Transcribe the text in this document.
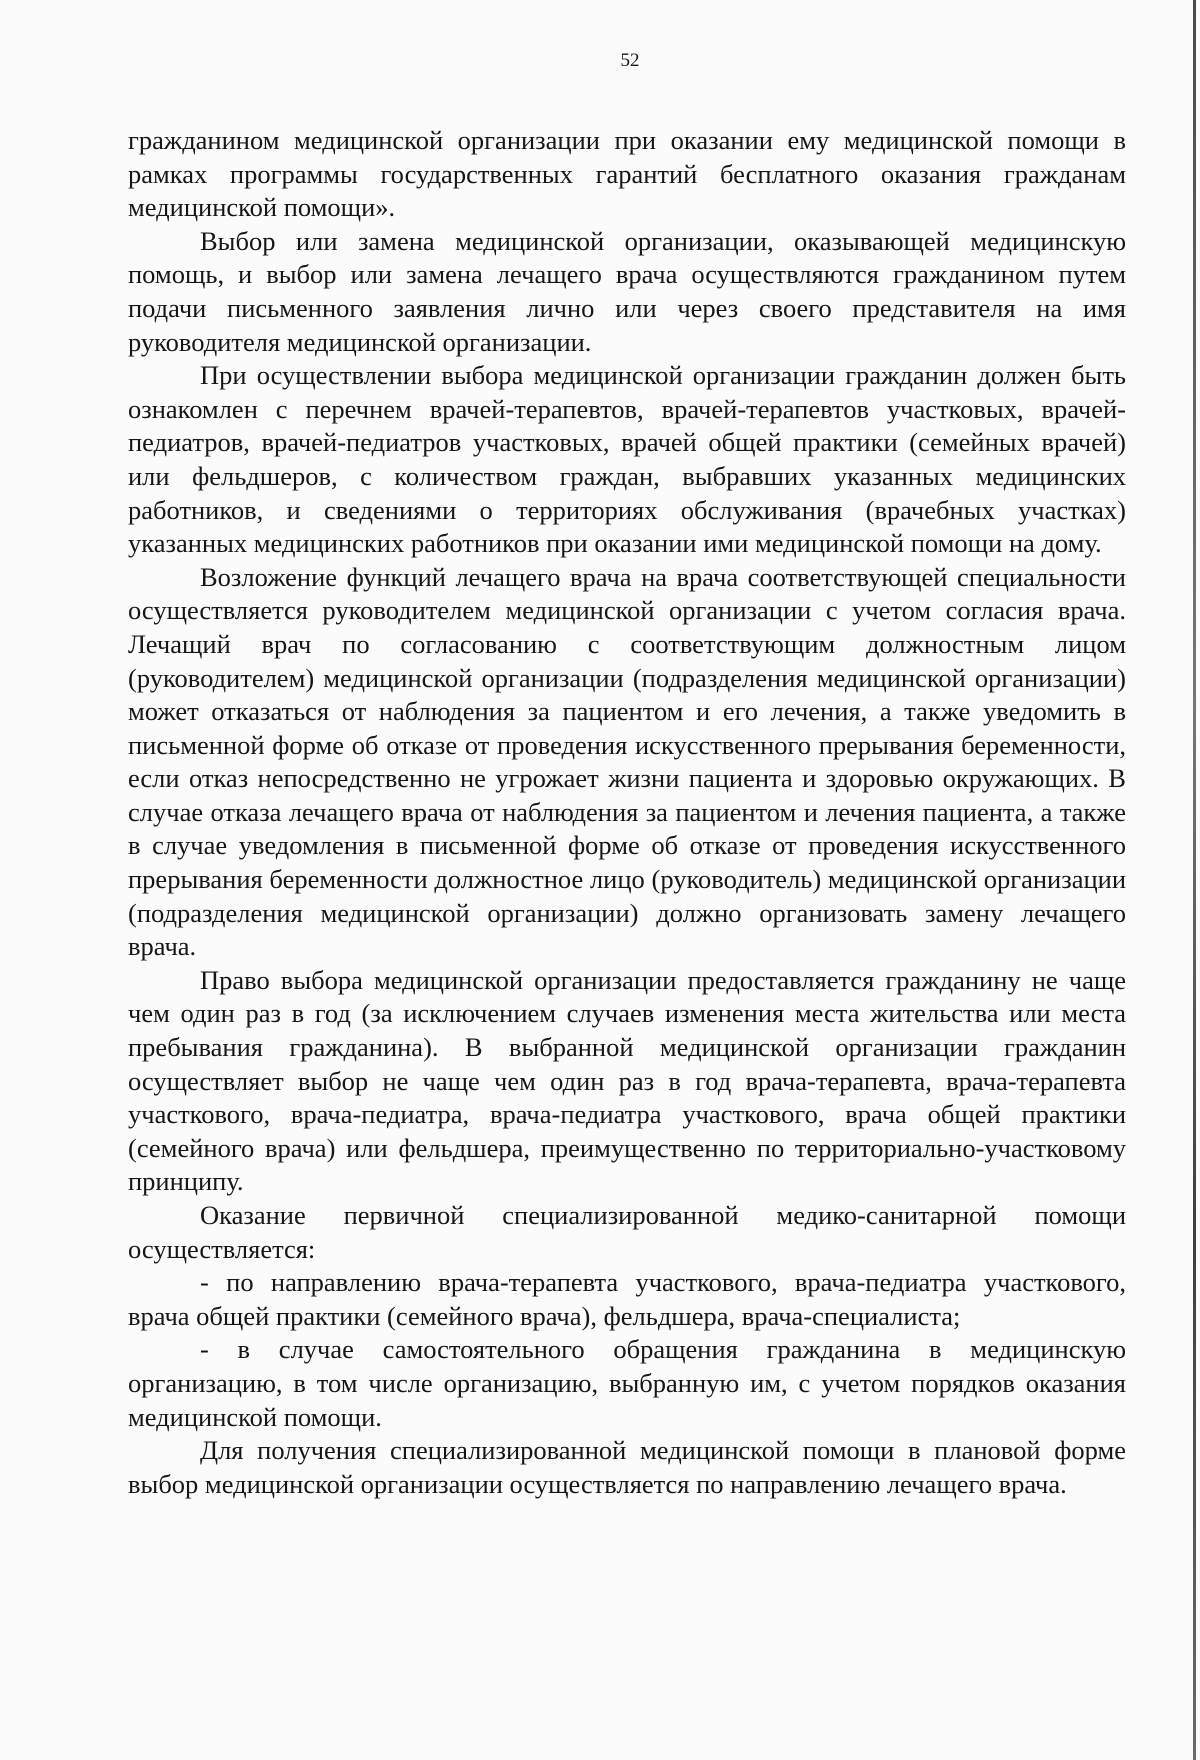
52

гражданином медицинской организации при оказании ему медицинской помощи в рамках программы государственных гарантий бесплатного оказания гражданам медицинской помощи».

Выбор или замена медицинской организации, оказывающей медицинскую помощь, и выбор или замена лечащего врача осуществляются гражданином путем подачи письменного заявления лично или через своего представителя на имя руководителя медицинской организации.

При осуществлении выбора медицинской организации гражданин должен быть ознакомлен с перечнем врачей-терапевтов, врачей-терапевтов участковых, врачей-педиатров, врачей-педиатров участковых, врачей общей практики (семейных врачей) или фельдшеров, с количеством граждан, выбравших указанных медицинских работников, и сведениями о территориях обслуживания (врачебных участках) указанных медицинских работников при оказании ими медицинской помощи на дому.

Возложение функций лечащего врача на врача соответствующей специальности осуществляется руководителем медицинской организации с учетом согласия врача. Лечащий врач по согласованию с соответствующим должностным лицом (руководителем) медицинской организации (подразделения медицинской организации) может отказаться от наблюдения за пациентом и его лечения, а также уведомить в письменной форме об отказе от проведения искусственного прерывания беременности, если отказ непосредственно не угрожает жизни пациента и здоровью окружающих. В случае отказа лечащего врача от наблюдения за пациентом и лечения пациента, а также в случае уведомления в письменной форме об отказе от проведения искусственного прерывания беременности должностное лицо (руководитель) медицинской организации (подразделения медицинской организации) должно организовать замену лечащего врача.

Право выбора медицинской организации предоставляется гражданину не чаще чем один раз в год (за исключением случаев изменения места жительства или места пребывания гражданина). В выбранной медицинской организации гражданин осуществляет выбор не чаще чем один раз в год врача-терапевта, врача-терапевта участкового, врача-педиатра, врача-педиатра участкового, врача общей практики (семейного врача) или фельдшера, преимущественно по территориально-участковому принципу.

Оказание первичной специализированной медико-санитарной помощи осуществляется:

- по направлению врача-терапевта участкового, врача-педиатра участкового, врача общей практики (семейного врача), фельдшера, врача-специалиста;

- в случае самостоятельного обращения гражданина в медицинскую организацию, в том числе организацию, выбранную им, с учетом порядков оказания медицинской помощи.

Для получения специализированной медицинской помощи в плановой форме выбор медицинской организации осуществляется по направлению лечащего врача.
